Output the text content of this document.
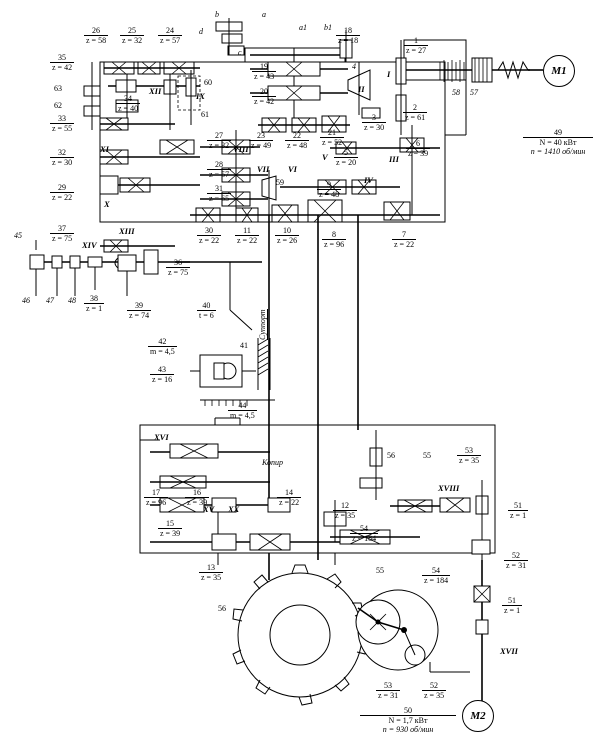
M1
49
N = 40 кВт
n = 1410 об/мин
M2
50
N = 1,7 кВт
n = 930 об/мин
26
z = 58
25
z = 32
24
z = 57
18
z = 18	1
z = 27
35
z = 42	19
z = 43
20
z = 42
63
62
34
z = 40
60
61
2
z = 61
3
z = 30
33
z = 55
27
z = 32
23
z = 49
22
z = 48
21
z = 52	6
z = 39
32
z = 30
5
z = 20
28
z = 57
29
z = 22
31
z = 65
59	9
z = 48
37
z = 75
30
z = 22
11
z = 22
10
z = 26
8
z = 96
7
z = 22
36
z = 75
38
z = 1	39
z = 74
40
t = 6
42
m = 4,5
43
z = 16
41
44
m = 4,5
56	55
53
z = 35
17
z = 96
16
z = 39
14
z = 22	12
z = 35
51
z = 1
15
z = 39
54
z = 184
52
z = 31
13
z = 35
55	54
z = 184
56
51
z = 1
53
z = 31
52
z = 35
45
46 47 48
58 57
4
a
b
c
d	a1 b1
XII	IX
I
II
XI	VIII
V	III
VII VI
IV
X
XIII
XIV
XVI
XV XX
XVIII
XVII
Суппорт
Копир
